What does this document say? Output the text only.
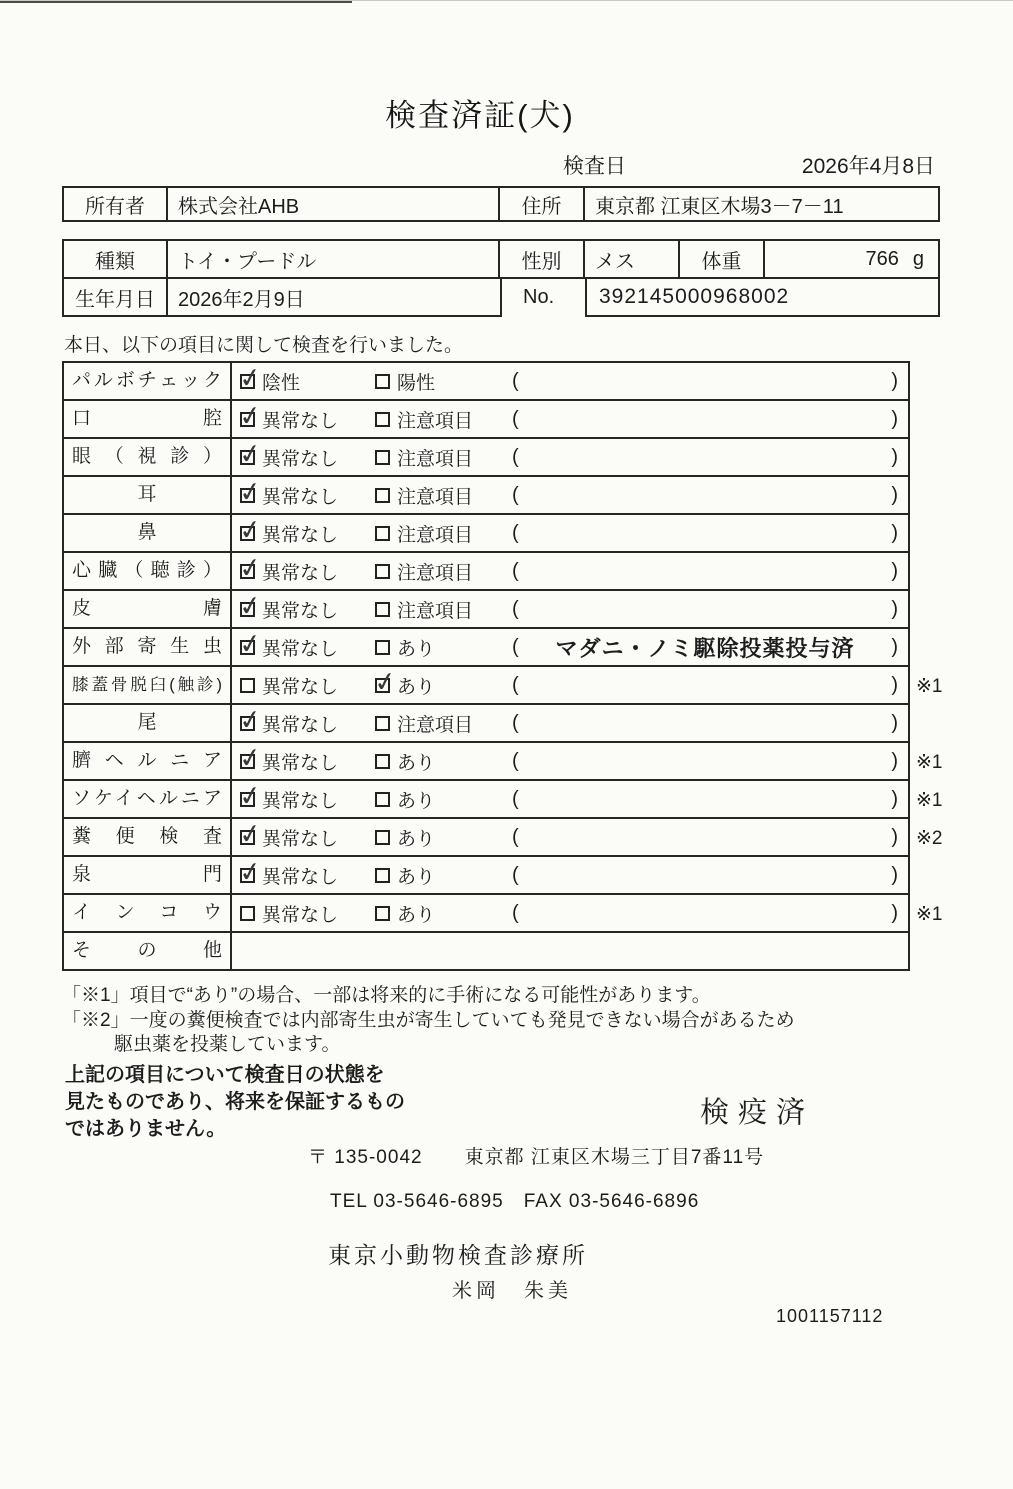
検査済証(犬)
検査日	2026年4月8日
所有者	株式会社AHB	住所	東京都 江東区木場3－7－11
種類	トイ・プードル	性別	メス	体重	766 g
生年月日	2026年2月9日	No.	392145000968002
本日、以下の項目に関して検査を行いました。
パルボチェック ✓	陰性	陽性	(	)
口腔 ✓	異常なし	注意項目 (	)
眼（視診） ✓	異常なし	注意項目 (	)
耳 ✓	異常なし	注意項目 (	)
鼻 ✓	異常なし	注意項目 (	)
心臓（聴診） ✓	異常なし	注意項目 (	)
皮膚 ✓	異常なし	注意項目 (	)
外部寄生虫 ✓	異常なし	あり	(	マダニ・ノミ駆除投薬投与済	)
膝蓋骨脱臼(触診)	異常なし ✓	あり	(	) ※1
尾 ✓	異常なし	注意項目 (	)
臍ヘルニア ✓	異常なし	あり	(	) ※1
ソケイヘルニア ✓	異常なし	あり	(	) ※1
糞便検査 ✓	異常なし	あり	(	) ※2
泉門 ✓	異常なし	あり	(	)
インコウ	異常なし	あり	(	) ※1
その他
「※1」項目で“あり”の場合、一部は将来的に手術になる可能性があります。
「※2」一度の糞便検査では内部寄生虫が寄生していても発見できない場合があるため
駆虫薬を投薬しています。
上記の項目について検査日の状態を
見たものであり、将来を保証するもの
ではありません。	検疫済
〒 135-0042 東京都 江東区木場三丁目7番11号
TEL 03-5646-6895 FAX 03-5646-6896
東京小動物検査診療所
米岡　朱美
1001157112
